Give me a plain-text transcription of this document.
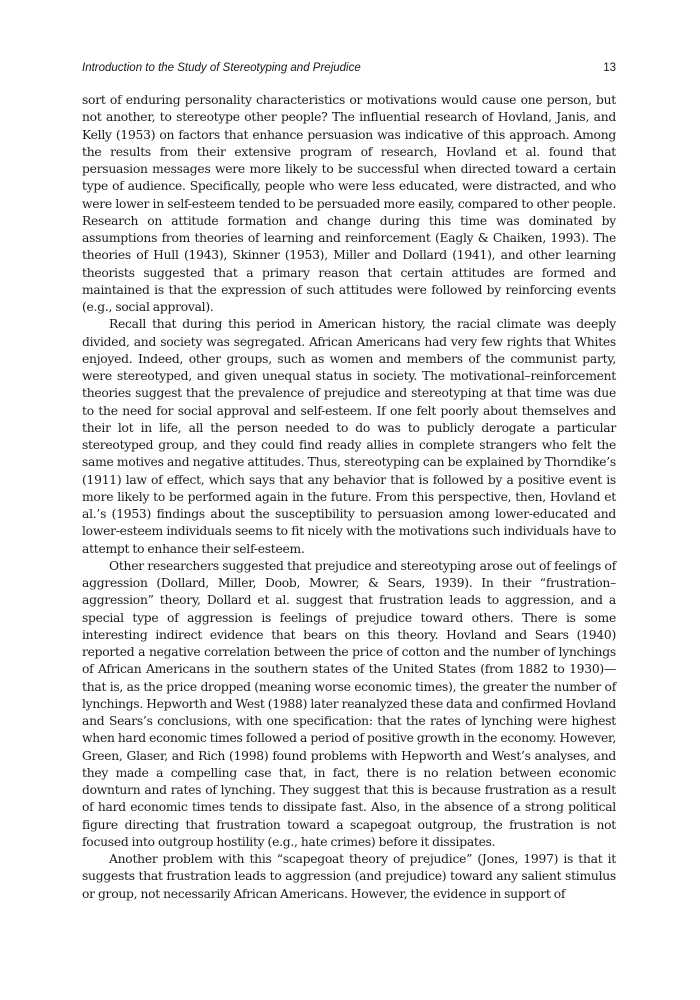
Introduction to the Study of Stereotyping and Prejudice	13

sort of enduring personality characteristics or motivations would cause one person, but not another, to stereotype other people? The influential research of Hovland, Janis, and Kelly (1953) on factors that enhance persuasion was indicative of this approach. Among the results from their extensive program of research, Hovland et al. found that persuasion messages were more likely to be successful when directed toward a certain type of audience. Specifically, people who were less educated, were distracted, and who were lower in self-esteem tended to be persuaded more easily, compared to other people. Research on attitude formation and change during this time was dominated by assumptions from theories of learning and reinforcement (Eagly & Chaiken, 1993). The theories of Hull (1943), Skinner (1953), Miller and Dollard (1941), and other learning theorists suggested that a primary reason that certain attitudes are formed and maintained is that the expression of such attitudes were followed by reinforcing events (e.g., social approval).

Recall that during this period in American history, the racial climate was deeply divided, and society was segregated. African Americans had very few rights that Whites enjoyed. Indeed, other groups, such as women and members of the communist party, were stereotyped, and given unequal status in society. The motivational–reinforcement theories suggest that the prevalence of prejudice and stereotyping at that time was due to the need for social approval and self-esteem. If one felt poorly about themselves and their lot in life, all the person needed to do was to publicly derogate a particular stereotyped group, and they could find ready allies in complete strangers who felt the same motives and negative attitudes. Thus, stereotyping can be explained by Thorndike’s (1911) law of effect, which says that any behavior that is followed by a positive event is more likely to be performed again in the future. From this perspective, then, Hovland et al.’s (1953) findings about the susceptibility to persuasion among lower-educated and lower-esteem individuals seems to fit nicely with the motivations such individuals have to attempt to enhance their self-esteem.

Other researchers suggested that prejudice and stereotyping arose out of feelings of aggression (Dollard, Miller, Doob, Mowrer, & Sears, 1939). In their “frustration–aggression” theory, Dollard et al. suggest that frustration leads to aggression, and a special type of aggression is feelings of prejudice toward others. There is some interesting indirect evidence that bears on this theory. Hovland and Sears (1940) reported a negative correlation between the price of cotton and the number of lynchings of African Americans in the southern states of the United States (from 1882 to 1930)—that is, as the price dropped (meaning worse economic times), the greater the number of lynchings. Hepworth and West (1988) later reanalyzed these data and confirmed Hovland and Sears’s conclusions, with one specification: that the rates of lynching were highest when hard economic times followed a period of positive growth in the economy. However, Green, Glaser, and Rich (1998) found problems with Hepworth and West’s analyses, and they made a compelling case that, in fact, there is no relation between economic downturn and rates of lynching. They suggest that this is because frustration as a result of hard economic times tends to dissipate fast. Also, in the absence of a strong political figure directing that frustration toward a scapegoat outgroup, the frustration is not focused into outgroup hostility (e.g., hate crimes) before it dissipates.

Another problem with this “scapegoat theory of prejudice” (Jones, 1997) is that it suggests that frustration leads to aggression (and prejudice) toward any salient stimulus or group, not necessarily African Americans. However, the evidence in support of
